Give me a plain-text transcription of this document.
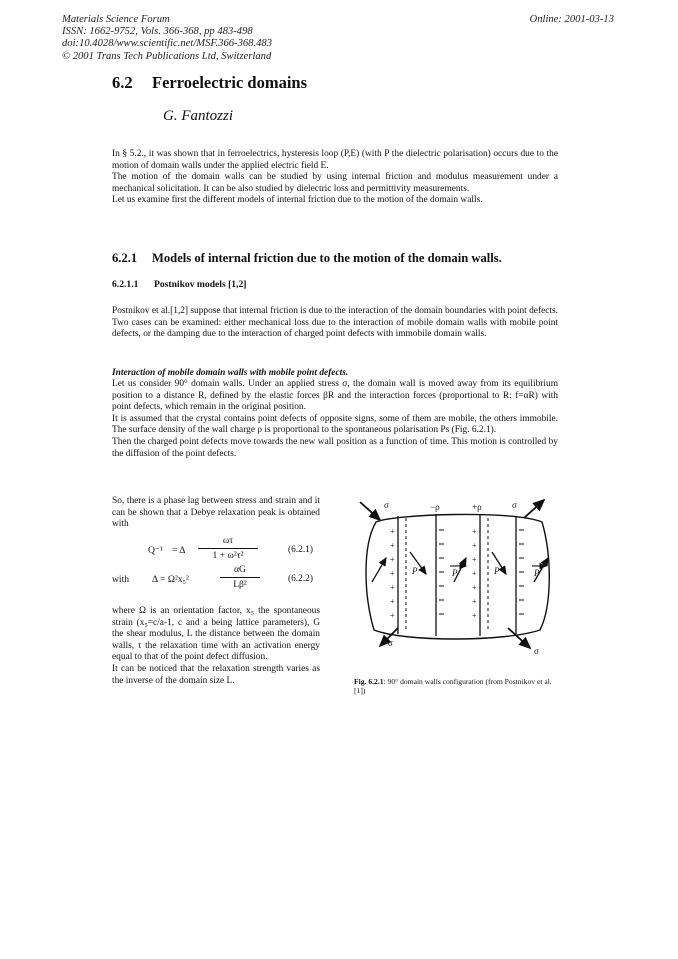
Materials Science Forum
ISSN: 1662-9752, Vols. 366-368, pp 483-498
doi:10.4028/www.scientific.net/MSF.366-368.483
© 2001 Trans Tech Publications Ltd, Switzerland
Online: 2001-03-13
6.2 Ferroelectric domains
G. Fantozzi

In § 5.2., it was shown that in ferroelectrics, hysteresis loop (P,E) (with P the dielectric polarisation) occurs due to the motion of domain walls under the applied electric field E.

The motion of the domain walls can be studied by using internal friction and modulus measurement under a mechanical solicitation. It can be also studied by dielectric loss and permittivity measurements.

Let us examine first the different models of internal friction due to the motion of the domain walls.

6.2.1 Models of internal friction due to the motion of the domain walls.
6.2.1.1 Postnikov models [1,2]

Postnikov et al.[1,2] suppose that internal friction is due to the interaction of the domain boundaries with point defects. Two cases can be examined: either mechanical loss due to the interaction of mobile domain walls with mobile point defects, or the damping due to the interaction of charged point defects with immobile domain walls.

Interaction of mobile domain walls with mobile point defects.

Let us consider 90° domain walls. Under an applied stress σ, the domain wall is moved away from its equilibrium position to a distance R, defined by the elastic forces βR and the interaction forces (proportional to R: f=αR) with point defects, which remain in the original position.

It is assumed that the crystal contains point defects of opposite signs, some of them are mobile, the others immobile. The surface density of the wall charge ρ is proportional to the spontaneous polarisation Ps (Fig. 6.2.1).

Then the charged point defects move towards the new wall position as a function of time. This motion is controlled by the diffusion of the point defects.

So, there is a phase lag between stress and strain and it can be shown that a Debye relaxation peak is obtained with

Q⁻¹ = Δ
ωτ
1 + ω²τ²	(6.2.1)
with Δ = Ω²x₅²
αG
Lβ²	(6.2.2)

where Ω is an orientation factor, x₅ the spontaneous strain (x₅=c/a-1, c and a being lattice parameters), G the shear modulus, L the distance between the domain walls, τ the relaxation time with an activation energy equal to that of the point defect diffusion.

It can be noticed that the relaxation strength varies as the inverse of the domain size L.

+
+
+
+
+
+
+
+
+
+
+
+
+
+
P	P	P	P
σ	σ
σ
σ
−ρ	+ρ
Fig. 6.2.1: 90° domain walls configuration (from Postnikov et al. [1])
